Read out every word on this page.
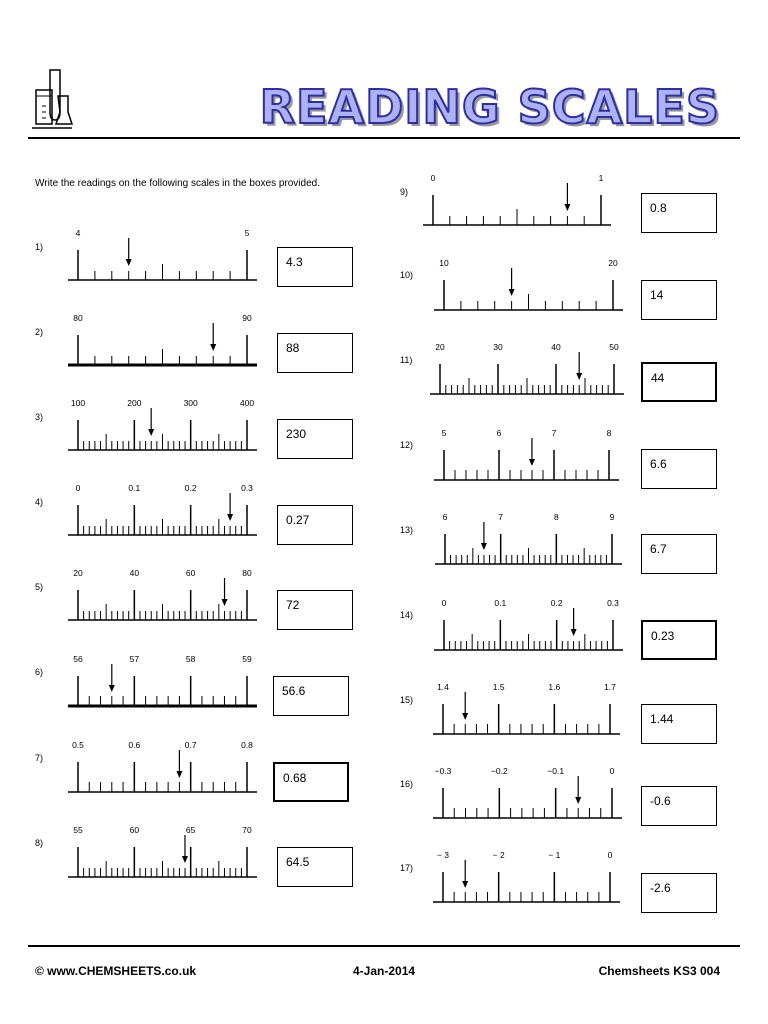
READING SCALES
Write the readings on the following scales in the boxes provided.
1)
4	5
2)
80	90
3)
100	200	300	400
4)
0	0.1	0.2	0.3
5)
20	40	60	80
6)
56	57	58	59
7)
0.5	0.6	0.7	0.8
8)
55	60	65	70
9)
0	1
10)
10	20
11)
20	30	40	50
12)
5	6	7	8
13)
6	7	8	9
14)
0	0.1	0.2	0.3
15)
1.4	1.5	1.6	1.7
16)
−0.3	−0.2	−0.1	0
17)
− 3	− 2	− 1	0
© www.CHEMSHEETS.co.uk	4-Jan-2014	Chemsheets KS3 004
4.3
88
230
0.27
72
56.6
0.68
64.5
0.8
14
44
6.6
6.7
0.23
1.44
-0.6
-2.6
